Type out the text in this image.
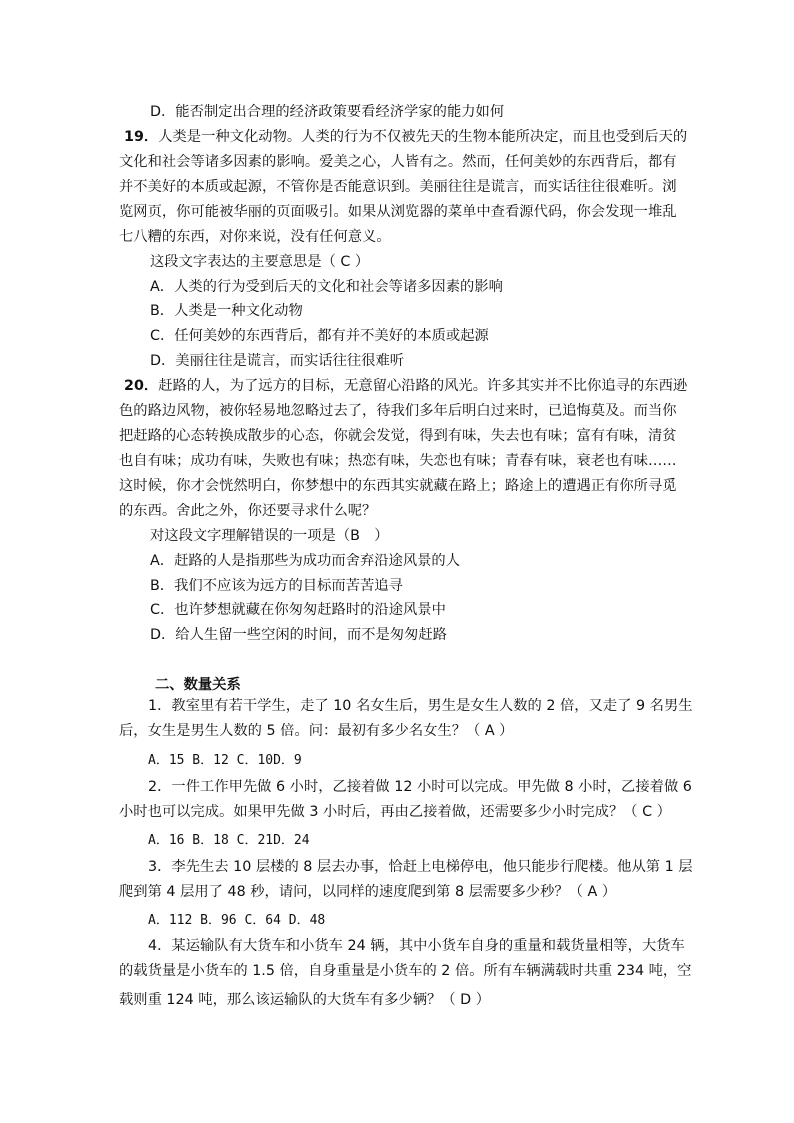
D．能否制定出合理的经济政策要看经济学家的能力如何
19．人类是一种文化动物。人类的行为不仅被先天的生物本能所决定，而且也受到后天的
文化和社会等诸多因素的影响。爱美之心，人皆有之。然而，任何美妙的东西背后，都有
并不美好的本质或起源，不管你是否能意识到。美丽往往是谎言，而实话往往很难听。浏
览网页，你可能被华丽的页面吸引。如果从浏览器的菜单中查看源代码，你会发现一堆乱
七八糟的东西，对你来说，没有任何意义。
这段文字表达的主要意思是（ C ）
A．人类的行为受到后天的文化和社会等诸多因素的影响
B．人类是一种文化动物
C．任何美妙的东西背后，都有并不美好的本质或起源
D．美丽往往是谎言，而实话往往很难听
20．赶路的人，为了远方的目标，无意留心沿路的风光。许多其实并不比你追寻的东西逊
色的路边风物，被你轻易地忽略过去了，待我们多年后明白过来时，已追悔莫及。而当你
把赶路的心态转换成散步的心态，你就会发觉，得到有味，失去也有味；富有有味，清贫
也自有味；成功有味，失败也有味；热恋有味，失恋也有味；青春有味，衰老也有味……
这时候，你才会恍然明白，你梦想中的东西其实就藏在路上；路途上的遭遇正有你所寻觅
的东西。舍此之外，你还要寻求什么呢？
对这段文字理解错误的一项是（B　）
A．赶路的人是指那些为成功而舍弃沿途风景的人
B．我们不应该为远方的目标而苦苦追寻
C．也许梦想就藏在你匆匆赶路时的沿途风景中
D．给人生留一些空闲的时间，而不是匆匆赶路
二、数量关系
1．教室里有若干学生，走了 10 名女生后，男生是女生人数的 2 倍，又走了 9 名男生
后，女生是男生人数的 5 倍。问：最初有多少名女生？（ A ）
A．15 B．12 C．10D．9
2．一件工作甲先做 6 小时，乙接着做 12 小时可以完成。甲先做 8 小时，乙接着做 6
小时也可以完成。如果甲先做 3 小时后，再由乙接着做，还需要多少小时完成？（ C ）
A．16 B．18 C．21D．24
3．李先生去 10 层楼的 8 层去办事，恰赶上电梯停电，他只能步行爬楼。他从第 1 层
爬到第 4 层用了 48 秒，请问，以同样的速度爬到第 8 层需要多少秒？（ A ）
A．112 B．96 C．64 D．48
4．某运输队有大货车和小货车 24 辆，其中小货车自身的重量和载货量相等，大货车
的载货量是小货车的 1.5 倍，自身重量是小货车的 2 倍。所有车辆满载时共重 234 吨，空
载则重 124 吨，那么该运输队的大货车有多少辆？（ D ）
